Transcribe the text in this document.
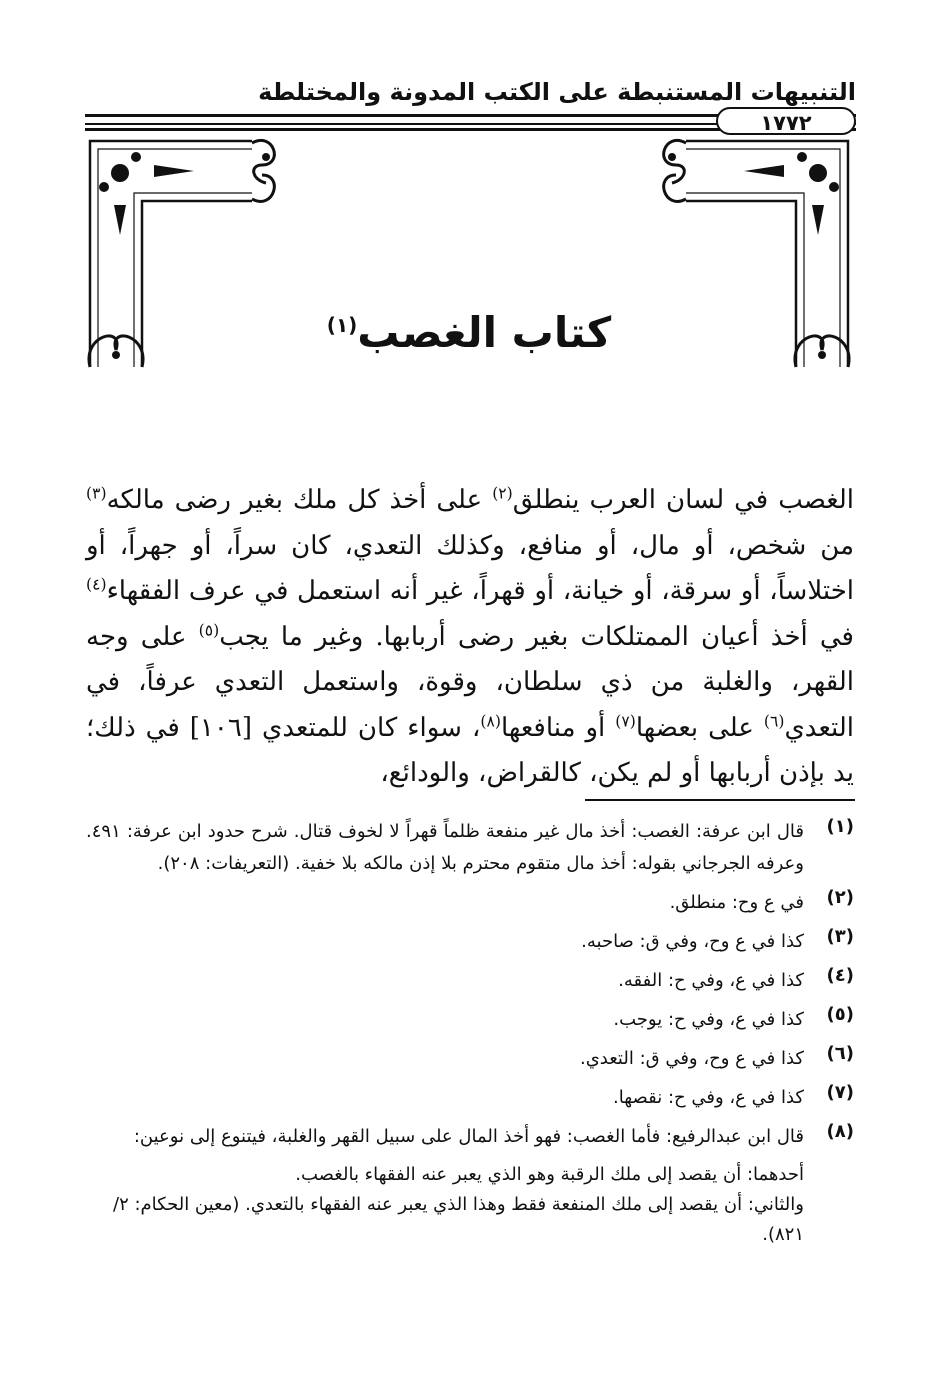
التنبيهات المستنبطة على الكتب المدونة والمختلطة
١٧٧٢
كتاب الغصب$^{(١)}$
الغصب في لسان العرب ينطلق$^{(٢)}$ على أخذ كل ملك بغير رضى مالكه$^{(٣)}$ من شخص، أو مال، أو منافع، وكذلك التعدي، كان سراً، أو جهراً، أو اختلاساً، أو سرقة، أو خيانة، أو قهراً، غير أنه استعمل في عرف الفقهاء$^{(٤)}$ في أخذ أعيان الممتلكات بغير رضى أربابها. وغير ما يجب$^{(٥)}$ على وجه القهر، والغلبة من ذي سلطان، وقوة، واستعمل التعدي عرفاً، في التعدي$^{(٦)}$ على بعضها$^{(٧)}$ أو منافعها$^{(٨)}$، سواء كان للمتعدي [١٠٦] في ذلك؛ يد بإذن أربابها أو لم يكن، كالقراض، والودائع،
(١)
قال ابن عرفة: الغصب: أخذ مال غير منفعة ظلماً قهراً لا لخوف قتال. شرح حدود ابن عرفة: ٤٩١. وعرفه الجرجاني بقوله: أخذ مال متقوم محترم بلا إذن مالكه بلا خفية. (التعريفات: ٢٠٨).
(٢)
في ع وح: منطلق.
(٣)
كذا في ع وح، وفي ق: صاحبه.
(٤)
كذا في ع، وفي ح: الفقه.
(٥)
كذا في ع، وفي ح: يوجب.
(٦)
كذا في ع وح، وفي ق: التعدي.
(٧)
كذا في ع، وفي ح: نقصها.
(٨)
قال ابن عبدالرفيع: فأما الغصب: فهو أخذ المال على سبيل القهر والغلبة، فيتنوع إلى نوعين:
أحدهما: أن يقصد إلى ملك الرقبة وهو الذي يعبر عنه الفقهاء بالغصب.
والثاني: أن يقصد إلى ملك المنفعة فقط وهذا الذي يعبر عنه الفقهاء بالتعدي. (معين الحكام: ٢/ ٨٢١).
